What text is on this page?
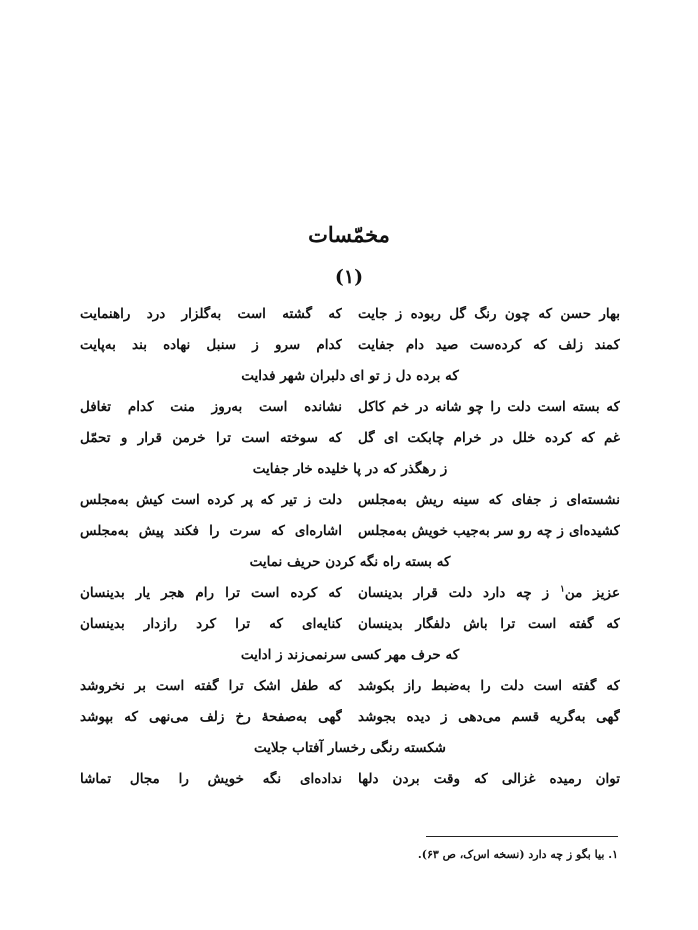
مخمّسات
(۱)
بهار حسن که چون رنگ گل ربوده ز جایت
که گشته است به‌گلزار درد راهنمایت
کمند زلف که کرده‌ست صید دام جفایت
کدام سرو ز سنبل نهاده بند به‌پایت
که برده دل ز تو ای دلبران شهر فدایت
که بسته است دلت را چو شانه در خم کاکل
نشانده است به‌روز منت کدام تغافل
غم که کرده خلل در خرام چابکت ای گل
که سوخته است ترا خرمن قرار و تحمّل
ز رهگذر که در پا خلیده خار جفایت
نشسته‌ای ز جفای که سینه ریش به‌مجلس
دلت ز تیر که پر کرده است کیش به‌مجلس
کشیده‌ای ز چه رو سر به‌جیب خویش به‌مجلس
اشاره‌ای که سرت را فکند پیش به‌مجلس
که بسته راه نگه کردن حریف نمایت
عزیز من$^۱$ ز چه دارد دلت قرار بدینسان
که کرده است ترا رام هجر یار بدینسان
که گفته است ترا باش دلفگار بدینسان
کنایه‌ای که ترا کرد رازدار بدینسان
که حرف مهر کسی سرنمی‌زند ز ادایت
که گفته است دلت را به‌ضبط راز بکوشد
که طفل اشک ترا گفته است بر نخروشد
گهی به‌گریه قسم می‌دهی ز دیده بجوشد
گهی به‌صفحهٔ رخ زلف می‌نهی که بپوشد
شکسته رنگی رخسار آفتاب جلایت
توان رمیده غزالی که وقت بردن دلها
نداده‌ای نگه خویش را مجال تماشا
۱. بیا بگو ز چه دارد (نسخه اس‌ک، ص ۶۳).
